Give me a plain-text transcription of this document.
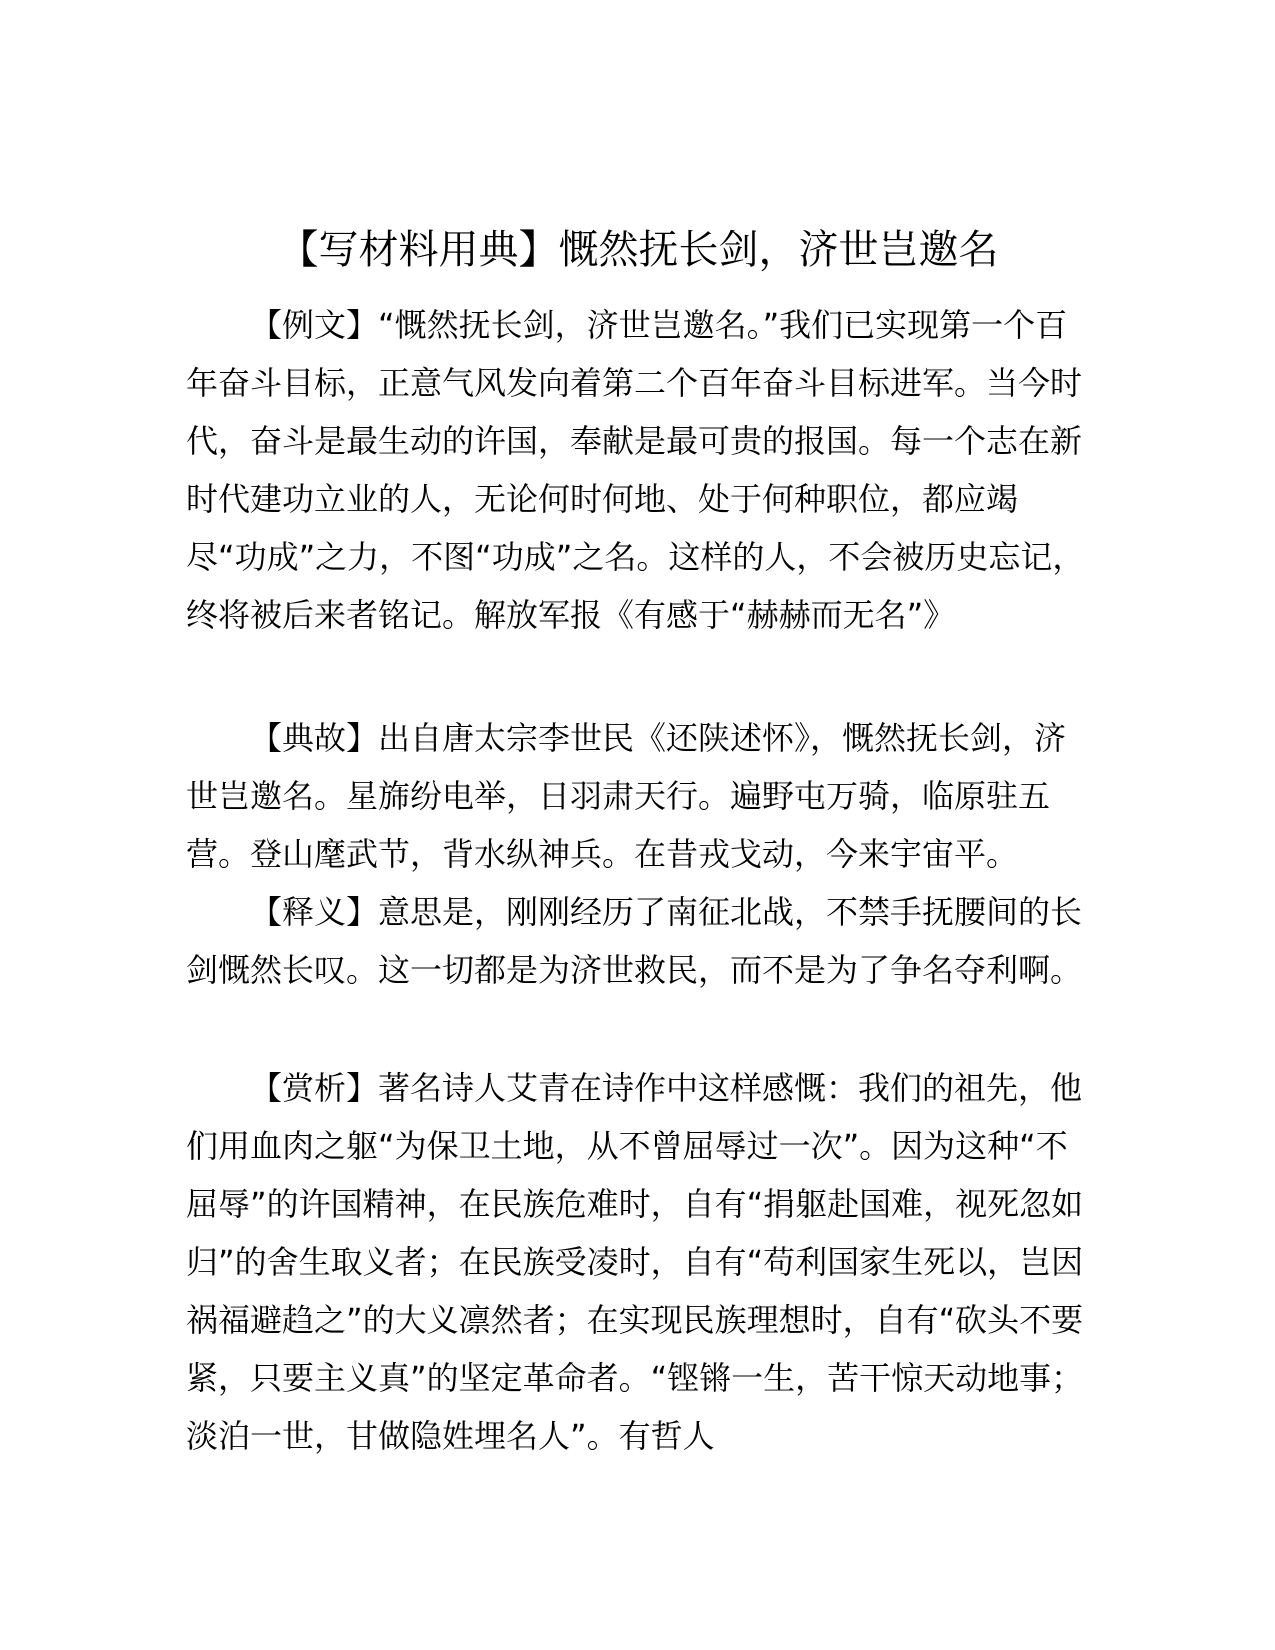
【写材料用典】慨然抚长剑，济世岂邀名

【例文】“慨然抚长剑，济世岂邀名。”我们已实现第一个百年奋斗目标，正意气风发向着第二个百年奋斗目标进军。当今时代，奋斗是最生动的许国，奉献是最可贵的报国。每一个志在新时代建功立业的人，无论何时何地、处于何种职位，都应竭尽“功成”之力，不图“功成”之名。这样的人，不会被历史忘记，终将被后来者铭记。解放军报《有感于“赫赫而无名”》

【典故】出自唐太宗李世民《还陕述怀》，慨然抚长剑，济世岂邀名。星旆纷电举，日羽肃天行。遍野屯万骑，临原驻五营。登山麾武节，背水纵神兵。在昔戎戈动，今来宇宙平。

【释义】意思是，刚刚经历了南征北战，不禁手抚腰间的长剑慨然长叹。这一切都是为济世救民，而不是为了争名夺利啊。

【赏析】著名诗人艾青在诗作中这样感慨：我们的祖先，他们用血肉之躯“为保卫土地，从不曾屈辱过一次”。因为这种“不屈辱”的许国精神，在民族危难时，自有“捐躯赴国难，视死忽如归”的舍生取义者；在民族受凌时，自有“苟利国家生死以，岂因祸福避趋之”的大义凛然者；在实现民族理想时，自有“砍头不要紧，只要主义真”的坚定革命者。“铿锵一生，苦干惊天动地事；淡泊一世，甘做隐姓埋名人”。有哲人
